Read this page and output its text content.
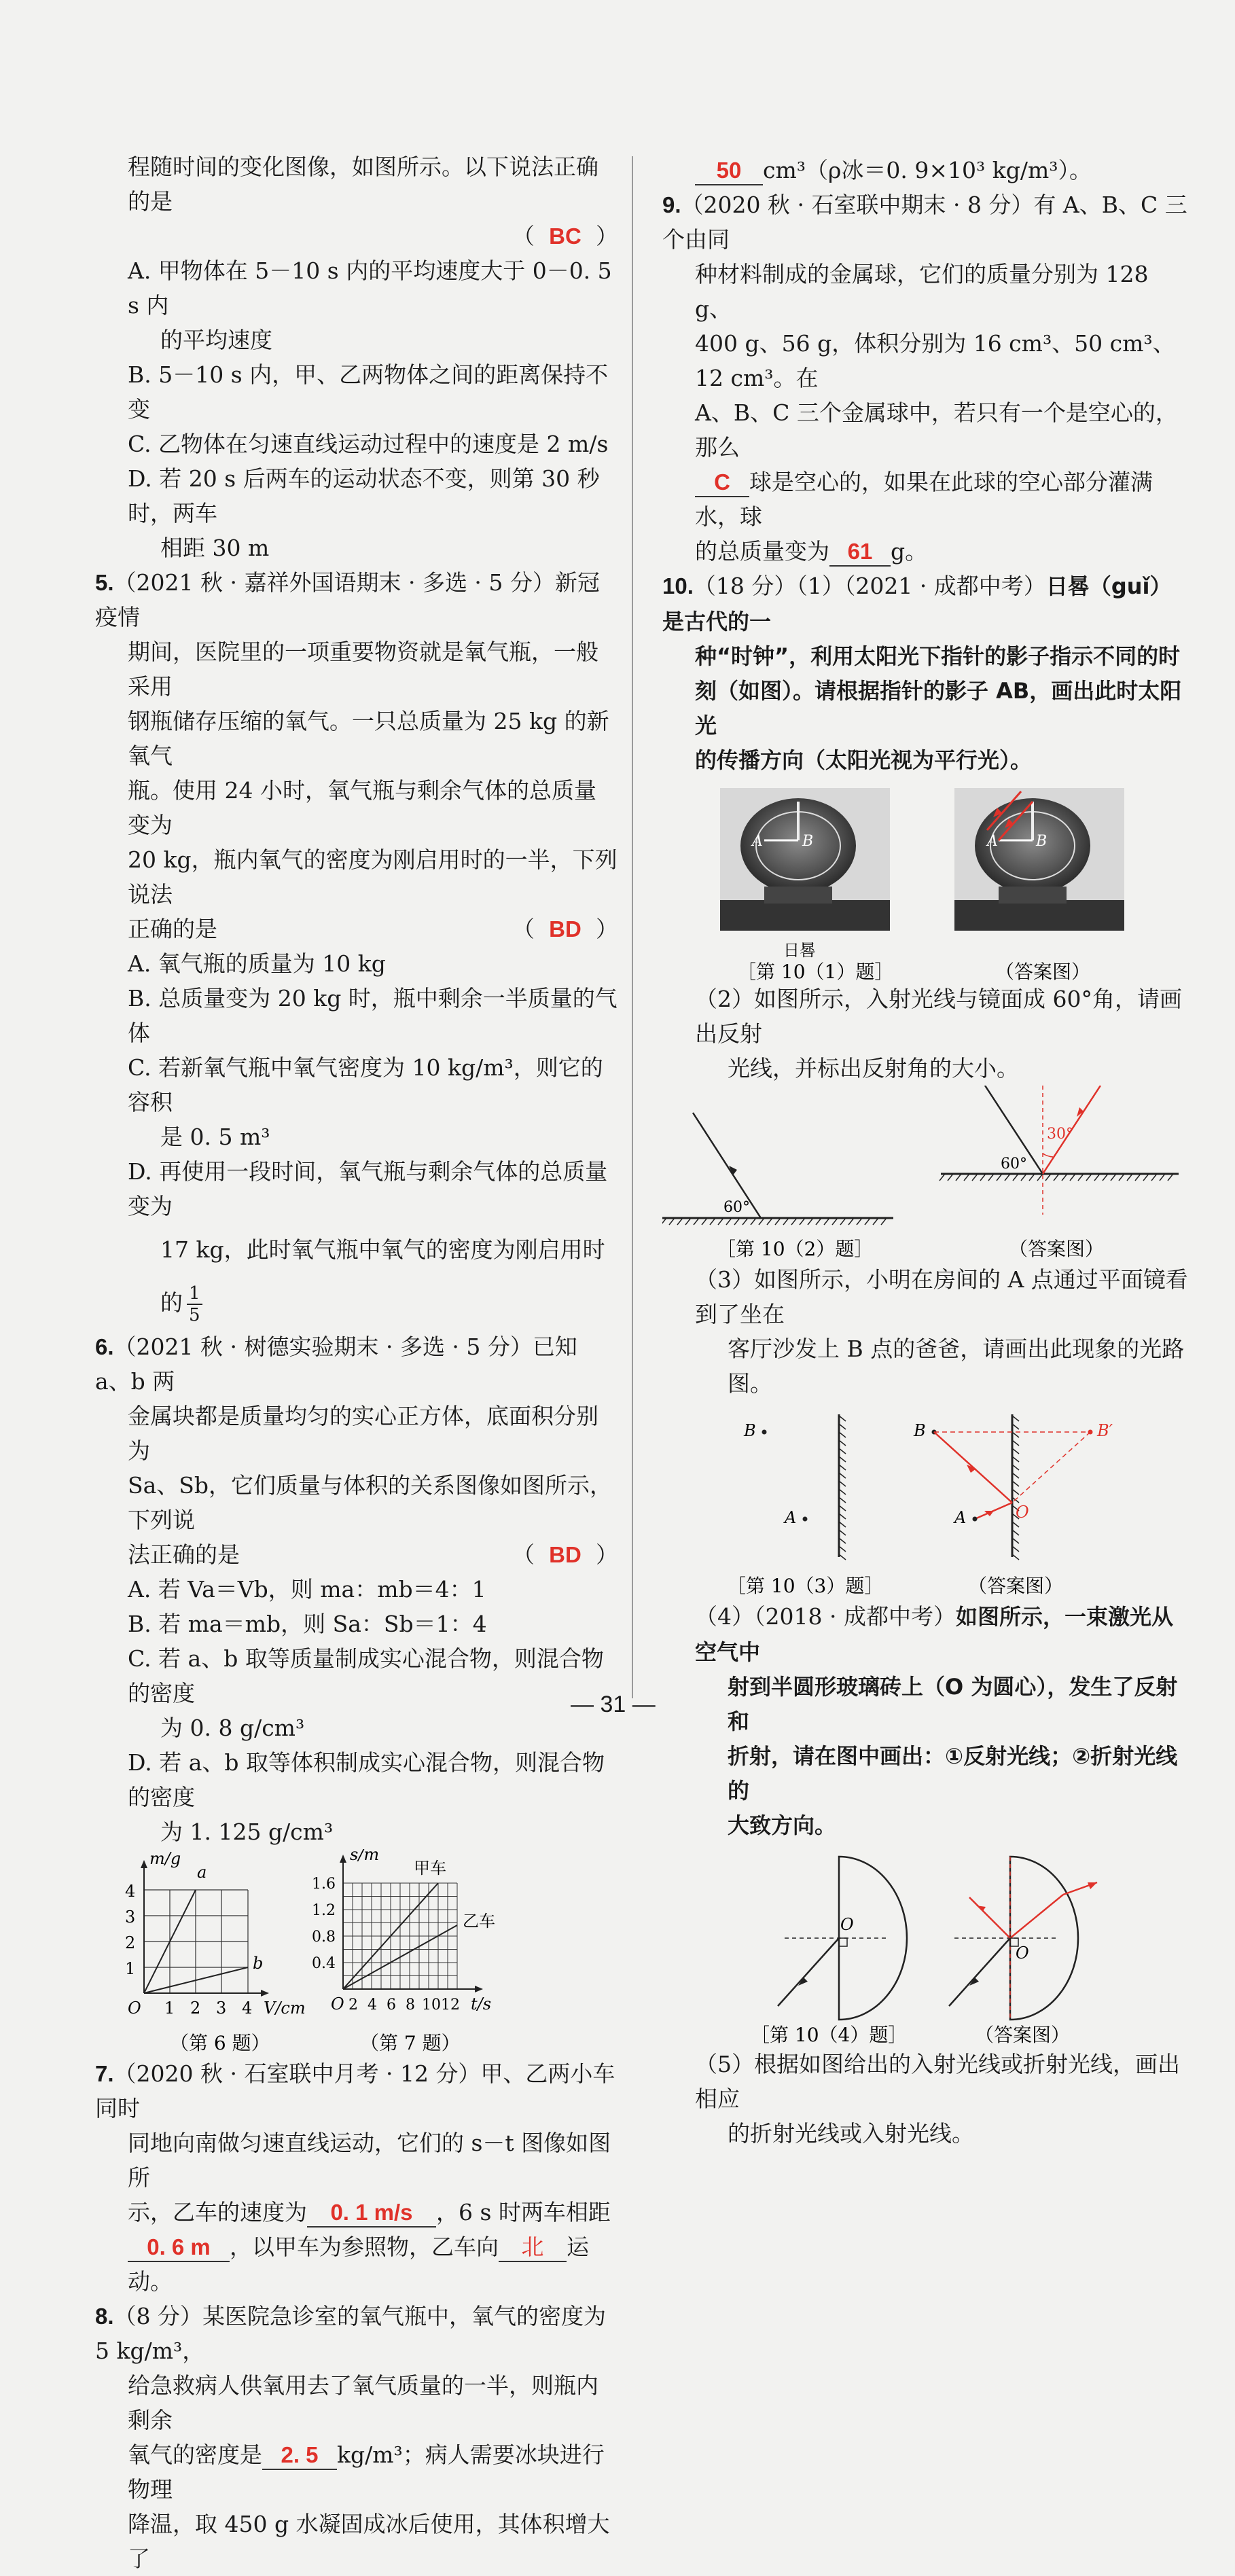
程随时间的变化图像，如图所示。以下说法正确的是

（ BC ）

A. 甲物体在 5－10 s 内的平均速度大于 0－0. 5 s 内

的平均速度

B. 5－10 s 内，甲、乙两物体之间的距离保持不变

C. 乙物体在匀速直线运动过程中的速度是 2 m/s

D. 若 20 s 后两车的运动状态不变，则第 30 秒时，两车

相距 30 m

5.（2021 秋 · 嘉祥外国语期末 · 多选 · 5 分）新冠疫情

期间，医院里的一项重要物资就是氧气瓶，一般采用

钢瓶储存压缩的氧气。一只总质量为 25 kg 的新氧气

瓶。使用 24 小时，氧气瓶与剩余气体的总质量变为

20 kg，瓶内氧气的密度为刚启用时的一半，下列说法

正确的是	（ BD ）

A. 氧气瓶的质量为 10 kg

B. 总质量变为 20 kg 时，瓶中剩余一半质量的气体

C. 若新氧气瓶中氧气密度为 10 kg/m³，则它的容积

是 0. 5 m³

D. 再使用一段时间，氧气瓶与剩余气体的总质量变为

17 kg，此时氧气瓶中氧气的密度为刚启用时的 $\frac{1}{5}$

6.（2021 秋 · 树德实验期末 · 多选 · 5 分）已知 a、b 两

金属块都是质量均匀的实心正方体，底面积分别为

Sa、Sb，它们质量与体积的关系图像如图所示，下列说

法正确的是	（ BD ）

A. 若 Va＝Vb，则 ma：mb＝4：1

B. 若 ma＝mb，则 Sa：Sb＝1：4

C. 若 a、b 取等质量制成实心混合物，则混合物的密度

为 0. 8 g/cm³

D. 若 a、b 取等体积制成实心混合物，则混合物的密度

为 1. 125 g/cm³

m/g
a
b
4
3
2
1
O 1 2 3 4 V/cm
（第 6 题）
s/m
甲车
乙车
1.6
1.2
0.8
0.4
O 2 4 6 8 10 12 t/s
（第 7 题）

7.（2020 秋 · 石室联中月考 · 12 分）甲、乙两小车同时

同地向南做匀速直线运动，它们的 s－t 图像如图所

示，乙车的速度为 0. 1 m/s ，6 s 时两车相距

0. 6 m ，以甲车为参照物，乙车向 北 运动。

8.（8 分）某医院急诊室的氧气瓶中，氧气的密度为 5 kg/m³，

给急救病人供氧用去了氧气质量的一半，则瓶内剩余

氧气的密度是 2. 5 kg/m³；病人需要冰块进行物理

降温，取 450 g 水凝固成冰后使用，其体积增大了

50 cm³（ρ冰＝0. 9×10³ kg/m³）。

9.（2020 秋 · 石室联中期末 · 8 分）有 A、B、C 三个由同

种材料制成的金属球，它们的质量分别为 128 g、

400 g、56 g，体积分别为 16 cm³、50 cm³、12 cm³。在

A、B、C 三个金属球中，若只有一个是空心的，那么

C 球是空心的，如果在此球的空心部分灌满水，球

的总质量变为 61 g。

10.（18 分）（1）（2021 · 成都中考）日晷（guǐ）是古代的一

种“时钟”，利用太阳光下指针的影子指示不同的时

刻（如图）。请根据指针的影子 AB，画出此时太阳光

的传播方向（太阳光视为平行光）。

A	B
日晷
A	B
［第 10（1）题］	（答案图）

（2）如图所示，入射光线与镜面成 60°角，请画出反射

光线，并标出反射角的大小。

60°
［第 10（2）题］
30°
60°
（答案图）

（3）如图所示，小明在房间的 A 点通过平面镜看到了坐在

客厅沙发上 B 点的爸爸，请画出此现象的光路图。

B
A
［第 10（3）题］
B	B′
O
A
（答案图）

（4）（2018 · 成都中考）如图所示，一束激光从空气中

射到半圆形玻璃砖上（O 为圆心），发生了反射和

折射，请在图中画出：①反射光线；②折射光线的

大致方向。

O
［第 10（4）题］
O
（答案图）

（5）根据如图给出的入射光线或折射光线，画出相应

的折射光线或入射光线。

— 31 —
